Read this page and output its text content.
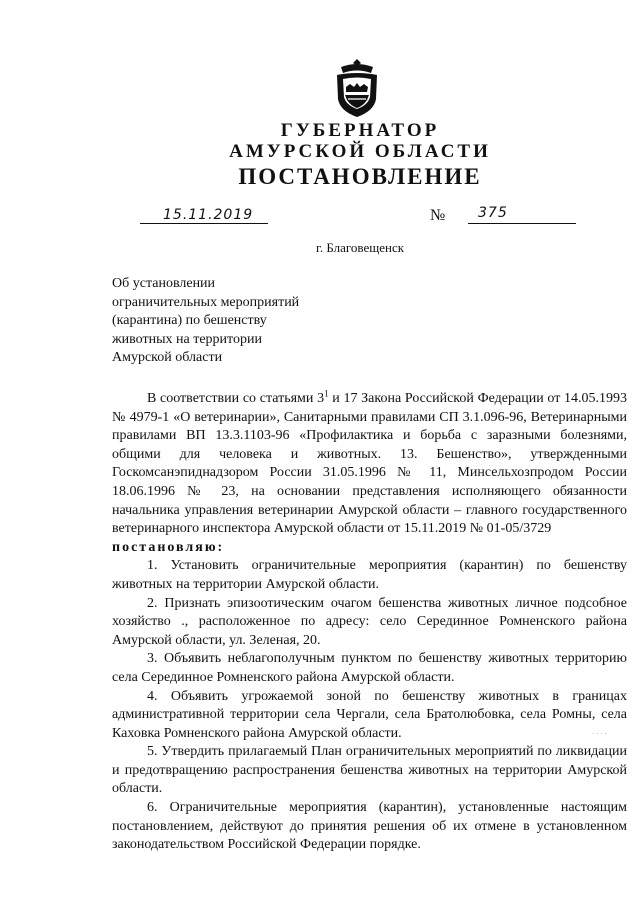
ГУБЕРНАТОР
АМУРСКОЙ ОБЛАСТИ
ПОСТАНОВЛЕНИЕ
15.11.2019	№ 375
г. Благовещенск
Об установлении
ограничительных мероприятий
(карантина) по бешенству
животных на территории
Амурской области

В соответствии со статьями $3^1$ и 17 Закона Российской Федерации от 14.05.1993 № 4979-1 «О ветеринарии», Санитарными правилами СП 3.1.096-96, Ветеринарными правилами ВП 13.3.1103-96 «Профилактика и борьба с заразными болезнями, общими для человека и животных. 13. Бешенство», утвержденными Госкомсанэпиднадзором России 31.05.1996 № 11, Минсельхозпродом России 18.06.1996 № 23, на основании представления исполняющего обязанности начальника управления ветеринарии Амурской области – главного государственного ветеринарного инспектора Амурской области от 15.11.2019 № 01-05/3729

постановляю:

1. Установить ограничительные мероприятия (карантин) по бешенству животных на территории Амурской области.

2. Признать эпизоотическим очагом бешенства животных личное подсобное хозяйство ., расположенное по адресу: село Серединное Ромненского района Амурской области, ул. Зеленая, 20.

3. Объявить неблагополучным пунктом по бешенству животных территорию села Серединное Ромненского района Амурской области.

4. Объявить угрожаемой зоной по бешенству животных в границах административной территории села Чергали, села Братолюбовка, села Ромны, села Каховка Ромненского района Амурской области.

5. Утвердить прилагаемый План ограничительных мероприятий по ликвидации и предотвращению распространения бешенства животных на территории Амурской области.

6. Ограничительные мероприятия (карантин), установленные настоящим постановлением, действуют до принятия решения об их отмене в установленном законодательством Российской Федерации порядке.

· · · ·
